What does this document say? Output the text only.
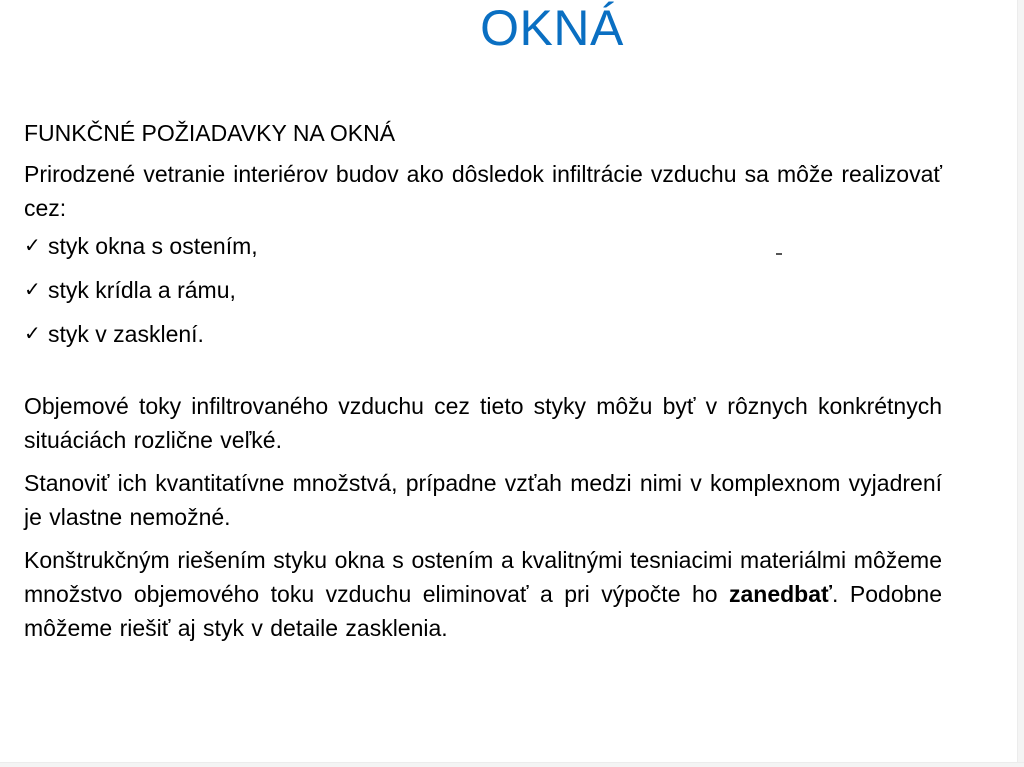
OKNÁ

FUNKČNÉ POŽIADAVKY NA OKNÁ

Prirodzené vetranie interiérov budov ako dôsledok infiltrácie vzduchu sa môže realizovať cez:

✓ styk okna s ostením,
✓ styk krídla a rámu,
✓ styk v zasklení.

Objemové toky infiltrovaného vzduchu cez tieto styky môžu byť v rôznych konkrétnych situáciách rozlične veľké.

Stanoviť ich kvantitatívne množstvá, prípadne vzťah medzi nimi v komplexnom vyjadrení je vlastne nemožné.

Konštrukčným riešením styku okna s ostením a kvalitnými tesniacimi materiálmi môžeme množstvo objemového toku vzduchu eliminovať a pri výpočte ho zanedbať. Podobne môžeme riešiť aj styk v detaile zasklenia.
